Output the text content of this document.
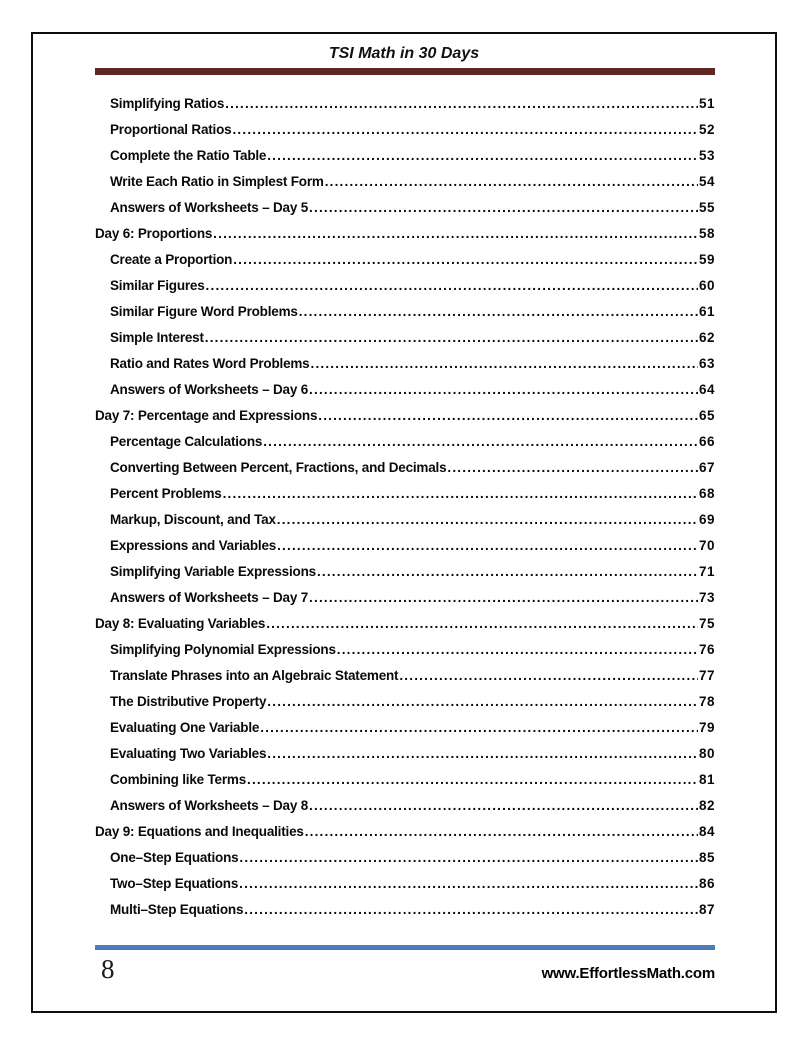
TSI Math in 30 Days
Simplifying Ratios .....	51
Proportional Ratios .....	52
Complete the Ratio Table .....	53
Write Each Ratio in Simplest Form .....	54
Answers of Worksheets – Day 5 .....	55
Day 6: Proportions .....	58
Create a Proportion .....	59
Similar Figures .....	60
Similar Figure Word Problems .....	61
Simple Interest .....	62
Ratio and Rates Word Problems .....	63
Answers of Worksheets – Day 6 .....	64
Day 7: Percentage and Expressions .....	65
Percentage Calculations .....	66
Converting Between Percent, Fractions, and Decimals .....	67
Percent Problems .....	68
Markup, Discount, and Tax .....	69
Expressions and Variables .....	70
Simplifying Variable Expressions .....	71
Answers of Worksheets – Day 7 .....	73
Day 8: Evaluating Variables .....	75
Simplifying Polynomial Expressions .....	76
Translate Phrases into an Algebraic Statement .....	77
The Distributive Property .....	78
Evaluating One Variable .....	79
Evaluating Two Variables .....	80
Combining like Terms .....	81
Answers of Worksheets – Day 8 .....	82
Day 9: Equations and Inequalities .....	84
One–Step Equations .....	85
Two–Step Equations .....	86
Multi–Step Equations .....	87
8	www.EffortlessMath.com
